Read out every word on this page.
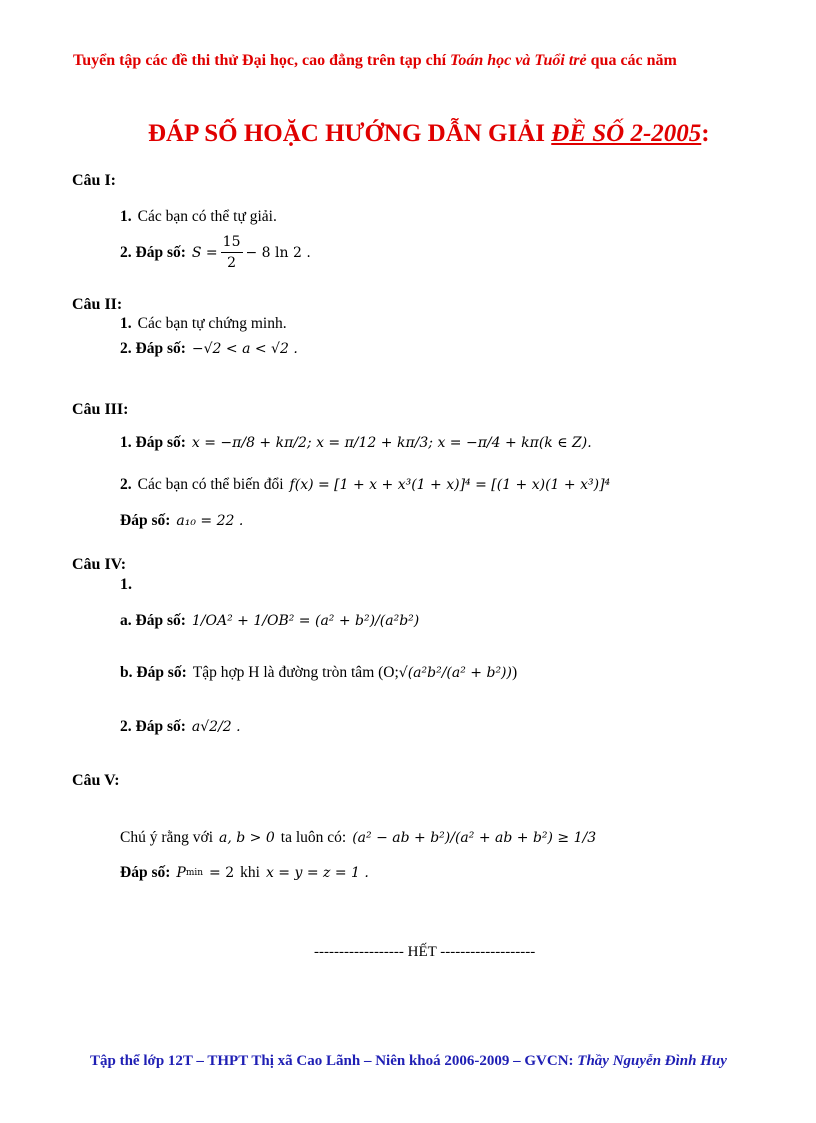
Tuyển tập các đề thi thử Đại học, cao đẳng trên tạp chí Toán học và Tuổi trẻ qua các năm
ĐÁP SỐ HOẶC HƯỚNG DẪN GIẢI ĐỀ SỐ 2-2005:
Câu I:
1. Các bạn có thể tự giải.
2. Đáp số: $S = \frac{15}{2} - 8$ ln 2 .
Câu II:
1. Các bạn tự chứng minh.
2. Đáp số: −√2 < a < √2 .
Câu III:
1. Đáp số: x = −π/8 + kπ/2; x = π/12 + kπ/3; x = −π/4 + kπ(k ∈ Z).
2. Các bạn có thể biến đổi f(x) = [1 + x + x³(1 + x)]⁴ = [(1 + x)(1 + x³)]⁴
Đáp số: a₁₀ = 22 .
Câu IV:
1.
a. Đáp số: 1/OA² + 1/OB² = (a² + b²)/(a²b²)
b. Đáp số: Tập hợp H là đường tròn tâm (O; √(a²b²/(a² + b²)) )
2. Đáp số: a√2/2 .
Câu V:
Chú ý rằng với a, b > 0 ta luôn có: (a² − ab + b²)/(a² + ab + b²) ≥ 1/3
Đáp số: P min = 2 khi x = y = z = 1 .
------------------ HẾT -------------------
Tập thể lớp 12T – THPT Thị xã Cao Lãnh – Niên khoá 2006-2009 – GVCN: Thầy Nguyễn Đình Huy
